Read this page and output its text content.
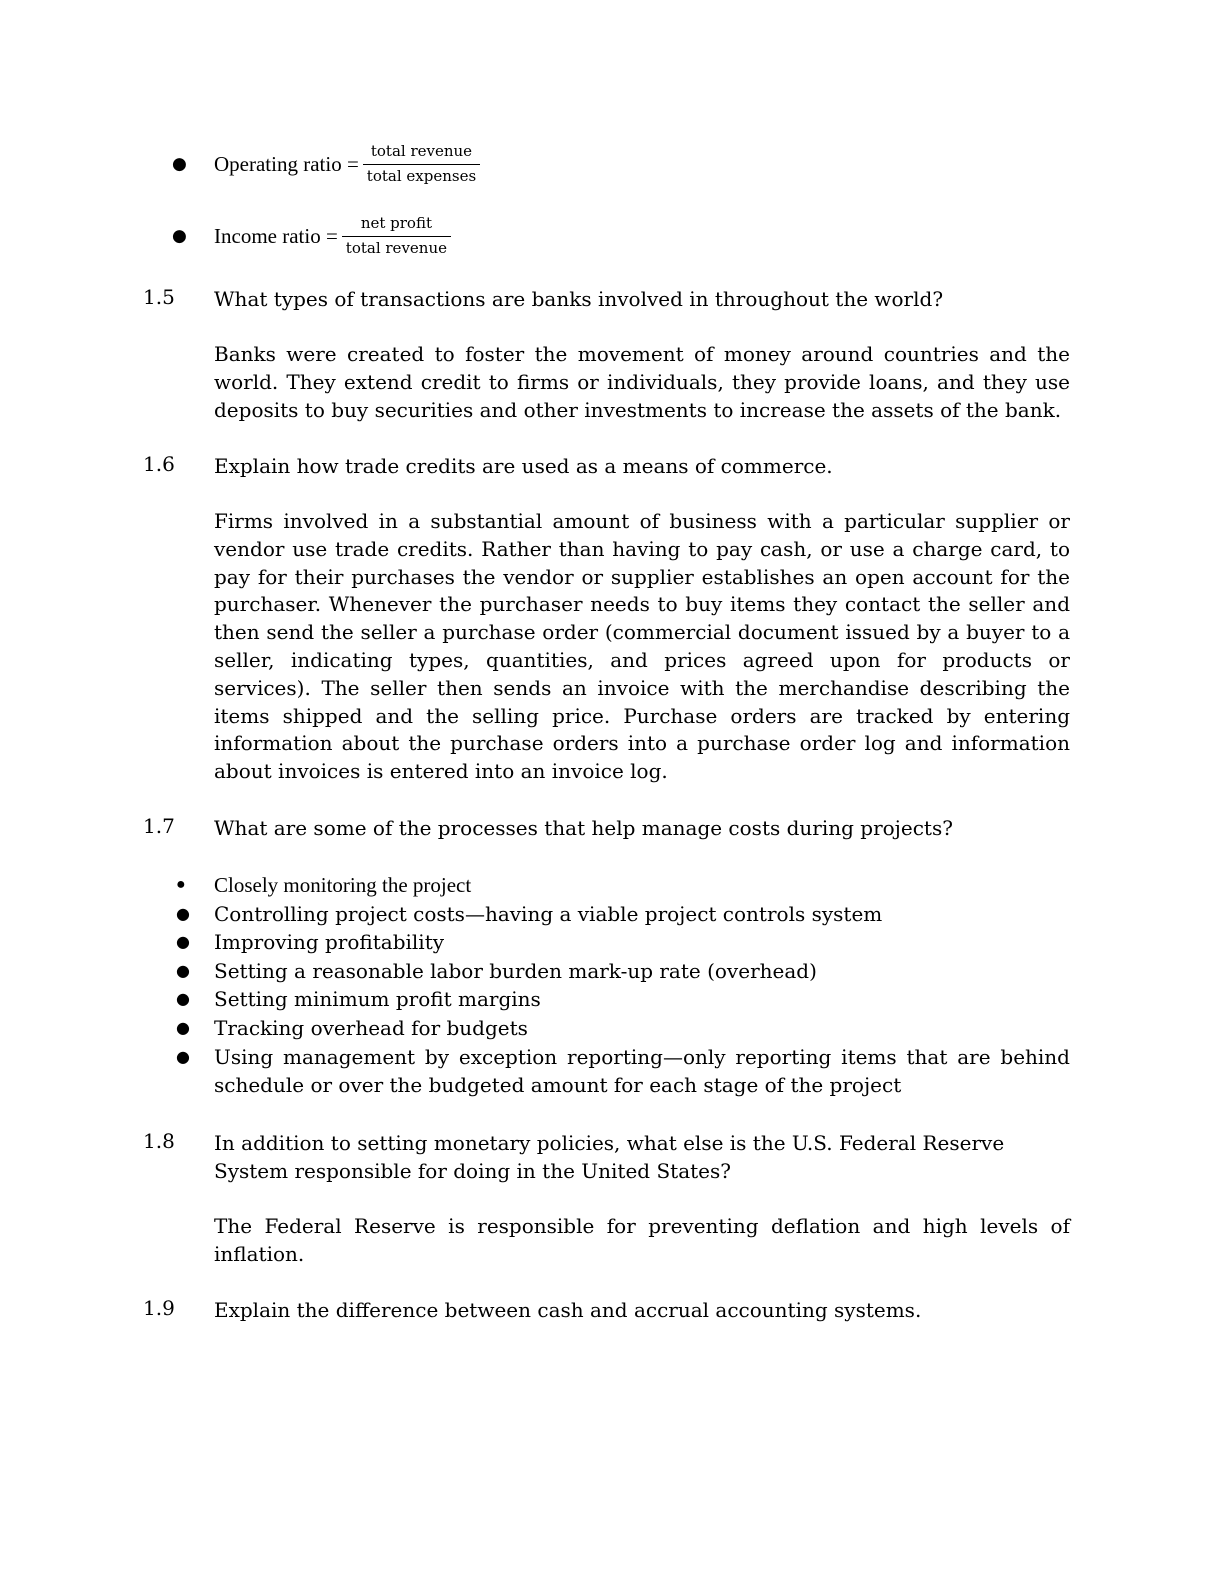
●	Operating ratio = $\frac{\text{total revenue}}{\text{total expenses}}$
●	Income ratio = $\frac{\text{net profit}}{\text{total revenue}}$
1.5 What types of transactions are banks involved in throughout the world?
Banks were created to foster the movement of money around countries and the world. They extend credit to firms or individuals, they provide loans, and they use deposits to buy securities and other investments to increase the assets of the bank.
1.6 Explain how trade credits are used as a means of commerce.
Firms involved in a substantial amount of business with a particular supplier or vendor use trade credits. Rather than having to pay cash, or use a charge card, to pay for their purchases the vendor or supplier establishes an open account for the purchaser. Whenever the purchaser needs to buy items they contact the seller and then send the seller a purchase order (commercial document issued by a buyer to a seller, indicating types, quantities, and prices agreed upon for products or services). The seller then sends an invoice with the merchandise describing the items shipped and the selling price. Purchase orders are tracked by entering information about the purchase orders into a purchase order log and information about invoices is entered into an invoice log.
1.7 What are some of the processes that help manage costs during projects?
● Closely monitoring the project
● Controlling project costs—having a viable project controls system
● Improving profitability
● Setting a reasonable labor burden mark-up rate (overhead)
● Setting minimum profit margins
● Tracking overhead for budgets
● Using management by exception reporting—only reporting items that are behind schedule or over the budgeted amount for each stage of the project
1.8 In addition to setting monetary policies, what else is the U.S. Federal Reserve System responsible for doing in the United States?
The Federal Reserve is responsible for preventing deflation and high levels of inflation.
1.9 Explain the difference between cash and accrual accounting systems.
